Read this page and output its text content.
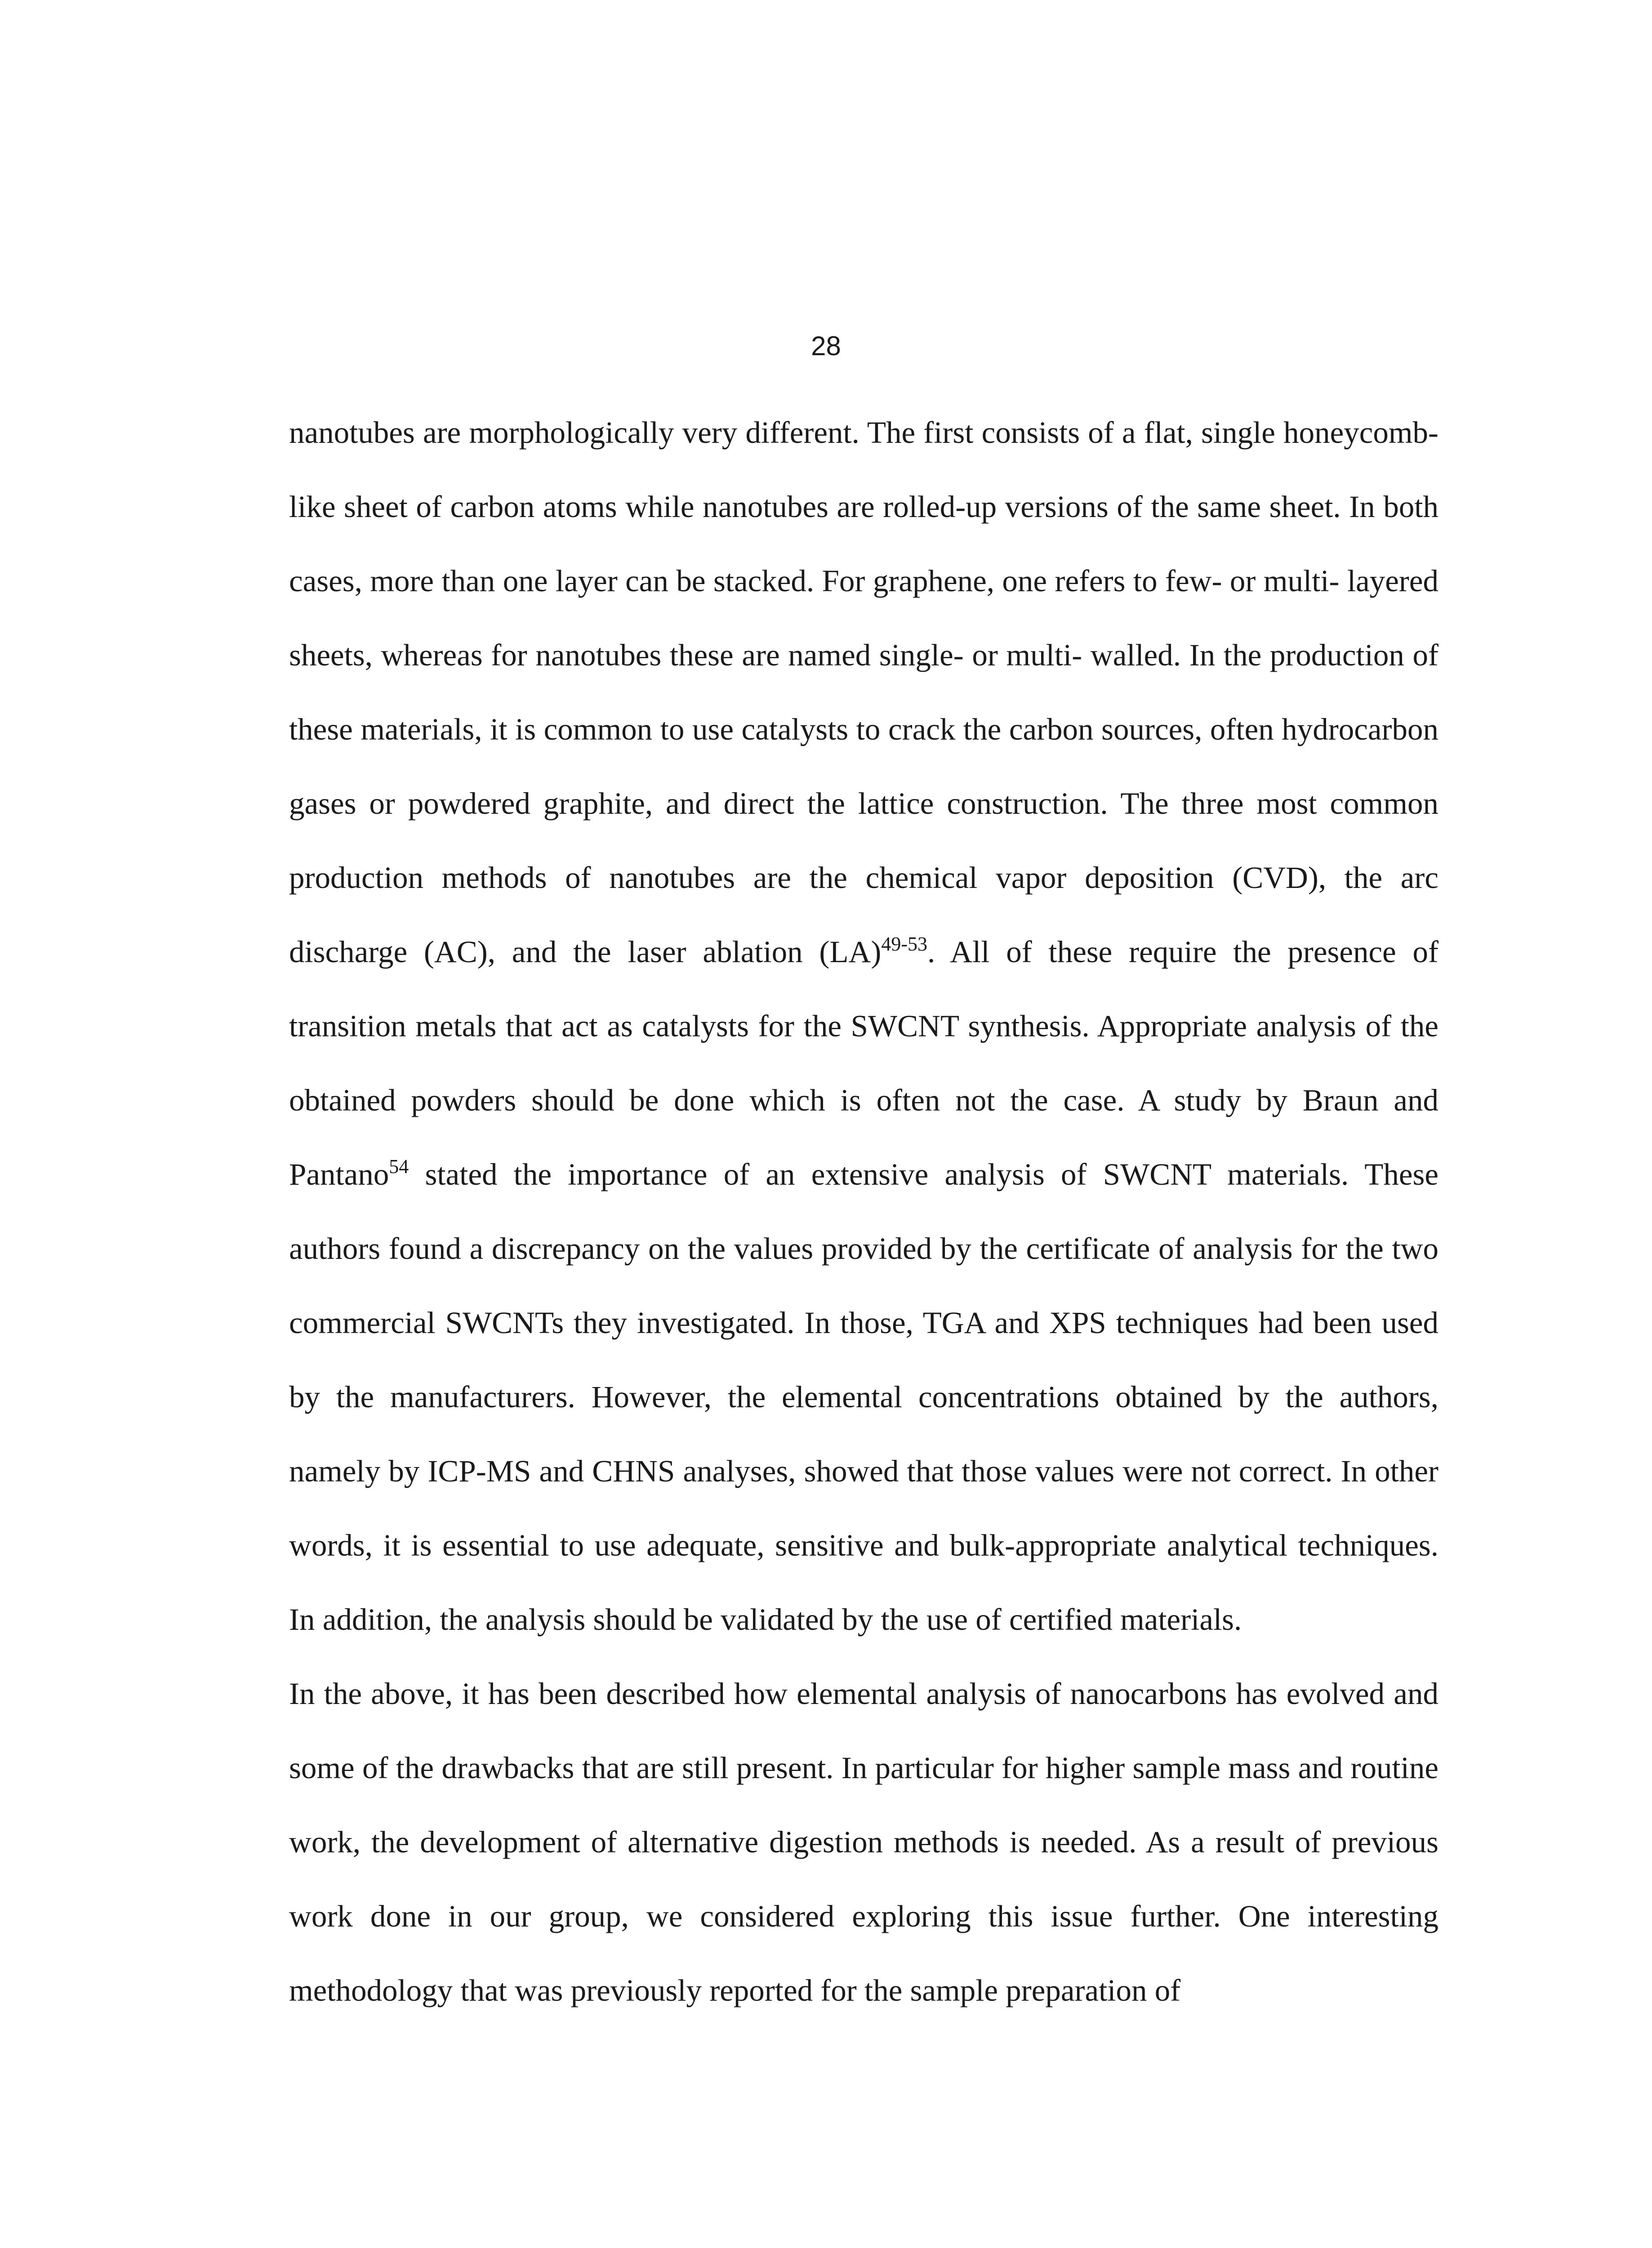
28

nanotubes are morphologically very different. The first consists of a flat, single honeycomb-like sheet of carbon atoms while nanotubes are rolled-up versions of the same sheet. In both cases, more than one layer can be stacked. For graphene, one refers to few- or multi- layered sheets, whereas for nanotubes these are named single- or multi- walled. In the production of these materials, it is common to use catalysts to crack the carbon sources, often hydrocarbon gases or powdered graphite, and direct the lattice construction. The three most common production methods of nanotubes are the chemical vapor deposition (CVD), the arc discharge (AC), and the laser ablation (LA)$^{49-53}$. All of these require the presence of transition metals that act as catalysts for the SWCNT synthesis. Appropriate analysis of the obtained powders should be done which is often not the case. A study by Braun and Pantano$^{54}$ stated the importance of an extensive analysis of SWCNT materials. These authors found a discrepancy on the values provided by the certificate of analysis for the two commercial SWCNTs they investigated. In those, TGA and XPS techniques had been used by the manufacturers. However, the elemental concentrations obtained by the authors, namely by ICP-MS and CHNS analyses, showed that those values were not correct. In other words, it is essential to use adequate, sensitive and bulk-appropriate analytical techniques. In addition, the analysis should be validated by the use of certified materials.

In the above, it has been described how elemental analysis of nanocarbons has evolved and some of the drawbacks that are still present. In particular for higher sample mass and routine work, the development of alternative digestion methods is needed. As a result of previous work done in our group, we considered exploring this issue further. One interesting methodology that was previously reported for the sample preparation of
